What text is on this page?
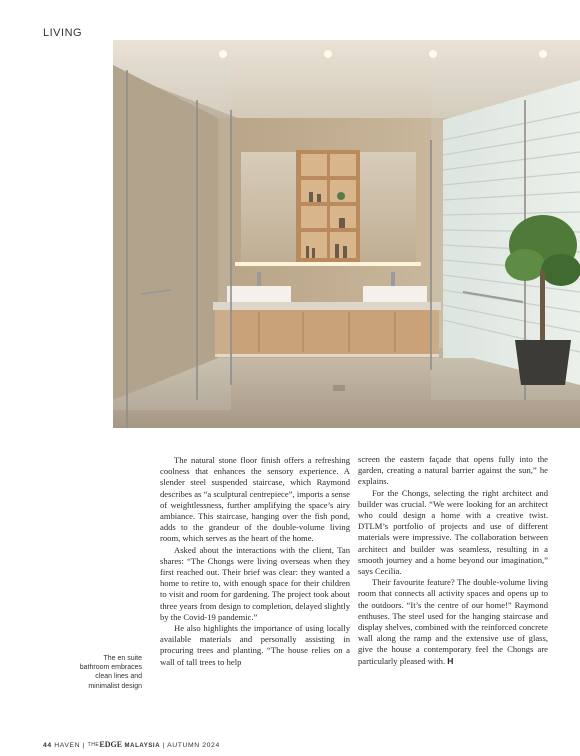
LIVING
The en suite bathroom embraces clean lines and minimalist design

The natural stone floor finish offers a refreshing coolness that enhances the sensory experience. A slender steel suspended staircase, which Raymond describes as “a sculptural centrepiece”, imports a sense of weightlessness, further amplifying the space’s airy ambiance. This staircase, hanging over the fish pond, adds to the grandeur of the double-volume living room, which serves as the heart of the home.

Asked about the interactions with the client, Tan shares: “The Chongs were living overseas when they first reached out. Their brief was clear: they wanted a home to retire to, with enough space for their children to visit and room for gardening. The project took about three years from design to completion, delayed slightly by the Covid-19 pandemic.”

He also highlights the importance of using locally available materials and personally assisting in procuring trees and planting. “The house relies on a wall of tall trees to help

screen the eastern façade that opens fully into the garden, creating a natural barrier against the sun,” he explains.

For the Chongs, selecting the right architect and builder was crucial. “We were looking for an architect who could design a home with a creative twist. DTLM’s portfolio of projects and use of different materials were impressive. The collaboration between architect and builder was seamless, resulting in a smooth journey and a home beyond our imagination,” says Cecilia.

Their favourite feature? The double-volume living room that connects all activity spaces and opens up to the outdoors. “It’s the centre of our home!” Raymond enthuses. The steel used for the hanging staircase and display shelves, combined with the reinforced concrete wall along the ramp and the extensive use of glass, give the house a contemporary feel the Chongs are particularly pleased with. H

44 HAVEN | THEEDGE MALAYSIA | AUTUMN 2024
